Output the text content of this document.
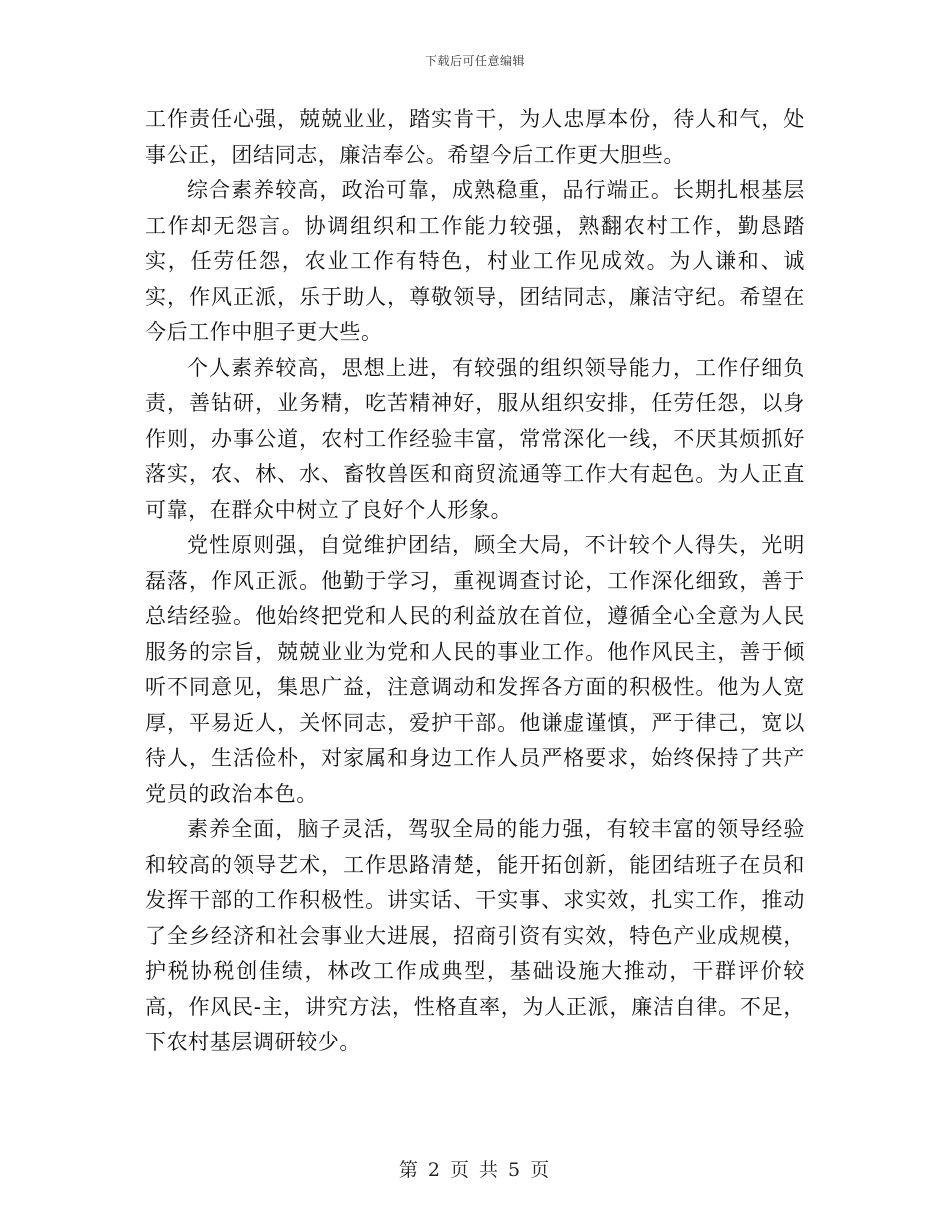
下载后可任意编辑

工作责任心强，兢兢业业，踏实肯干，为人忠厚本份，待人和气，处事公正，团结同志，廉洁奉公。希望今后工作更大胆些。

综合素养较高，政治可靠，成熟稳重，品行端正。长期扎根基层工作却无怨言。协调组织和工作能力较强，熟翻农村工作，勤恳踏实，任劳任怨，农业工作有特色，村业工作见成效。为人谦和、诚实，作风正派，乐于助人，尊敬领导，团结同志，廉洁守纪。希望在今后工作中胆子更大些。

个人素养较高，思想上进，有较强的组织领导能力，工作仔细负责，善钻研，业务精，吃苦精神好，服从组织安排，任劳任怨，以身作则，办事公道，农村工作经验丰富，常常深化一线，不厌其烦抓好落实，农、林、水、畜牧兽医和商贸流通等工作大有起色。为人正直可靠，在群众中树立了良好个人形象。

党性原则强，自觉维护团结，顾全大局，不计较个人得失，光明磊落，作风正派。他勤于学习，重视调查讨论，工作深化细致，善于总结经验。他始终把党和人民的利益放在首位，遵循全心全意为人民服务的宗旨，兢兢业业为党和人民的事业工作。他作风民主，善于倾听不同意见，集思广益，注意调动和发挥各方面的积极性。他为人宽厚，平易近人，关怀同志，爱护干部。他谦虚谨慎，严于律己，宽以待人，生活俭朴，对家属和身边工作人员严格要求，始终保持了共产党员的政治本色。

素养全面，脑子灵活，驾驭全局的能力强，有较丰富的领导经验和较高的领导艺术，工作思路清楚，能开拓创新，能团结班子在员和发挥干部的工作积极性。讲实话、干实事、求实效，扎实工作，推动了全乡经济和社会事业大进展，招商引资有实效，特色产业成规模，护税协税创佳绩，林改工作成典型，基础设施大推动，干群评价较高，作风民-主，讲究方法，性格直率，为人正派，廉洁自律。不足，下农村基层调研较少。

第 2 页 共 5 页
